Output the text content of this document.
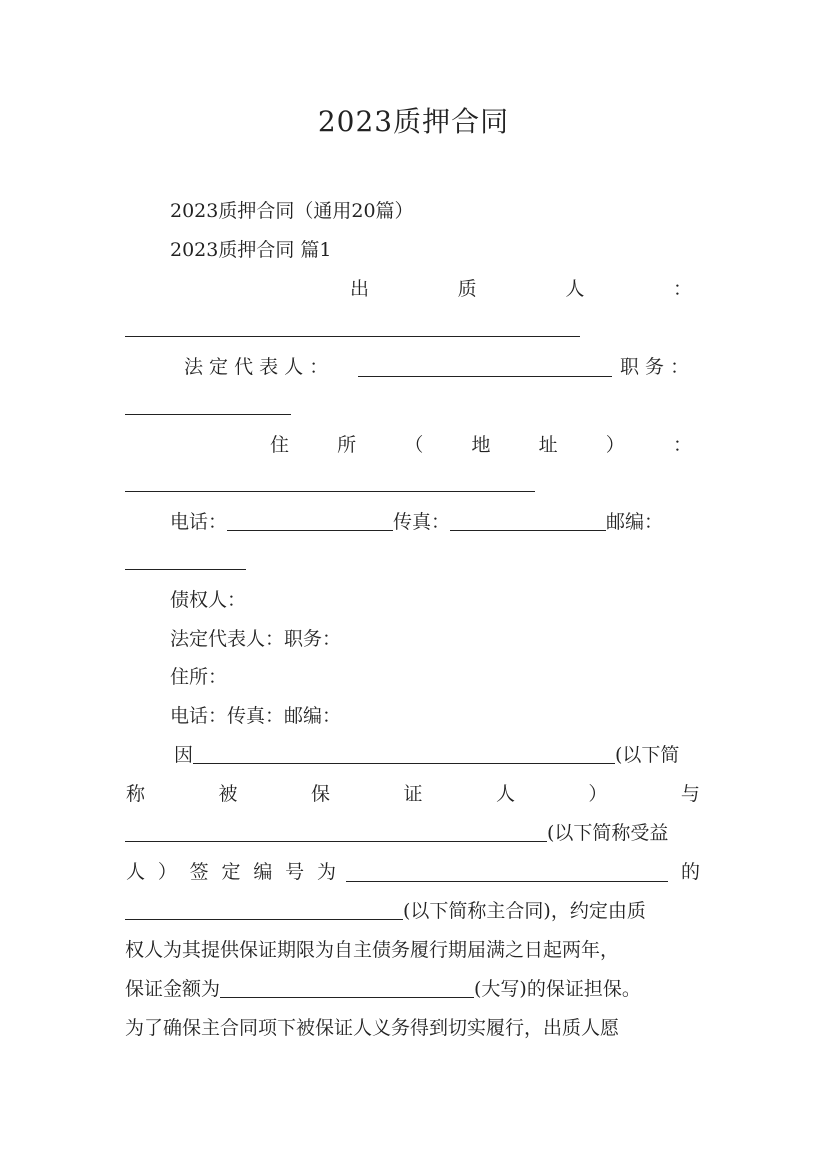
2023质押合同
2023质押合同（通用20篇）
2023质押合同 篇1
出	质	人	：
法 定 代 表 人 ：	职 务 ：
住	所	（	地	址	）	：
电话：	传真：	邮编：
债权人：
法定代表人：职务：
住所：
电话：传真：邮编：
因	(以下简
称	被	保	证	人	）	与
(以下简称受益
人 ） 签 定 编 号 为	的
(以下简称主合同)，约定由质
权人为其提供保证期限为自主债务履行期届满之日起两年，
保证金额为	(大写)的保证担保。
为了确保主合同项下被保证人义务得到切实履行，出质人愿
